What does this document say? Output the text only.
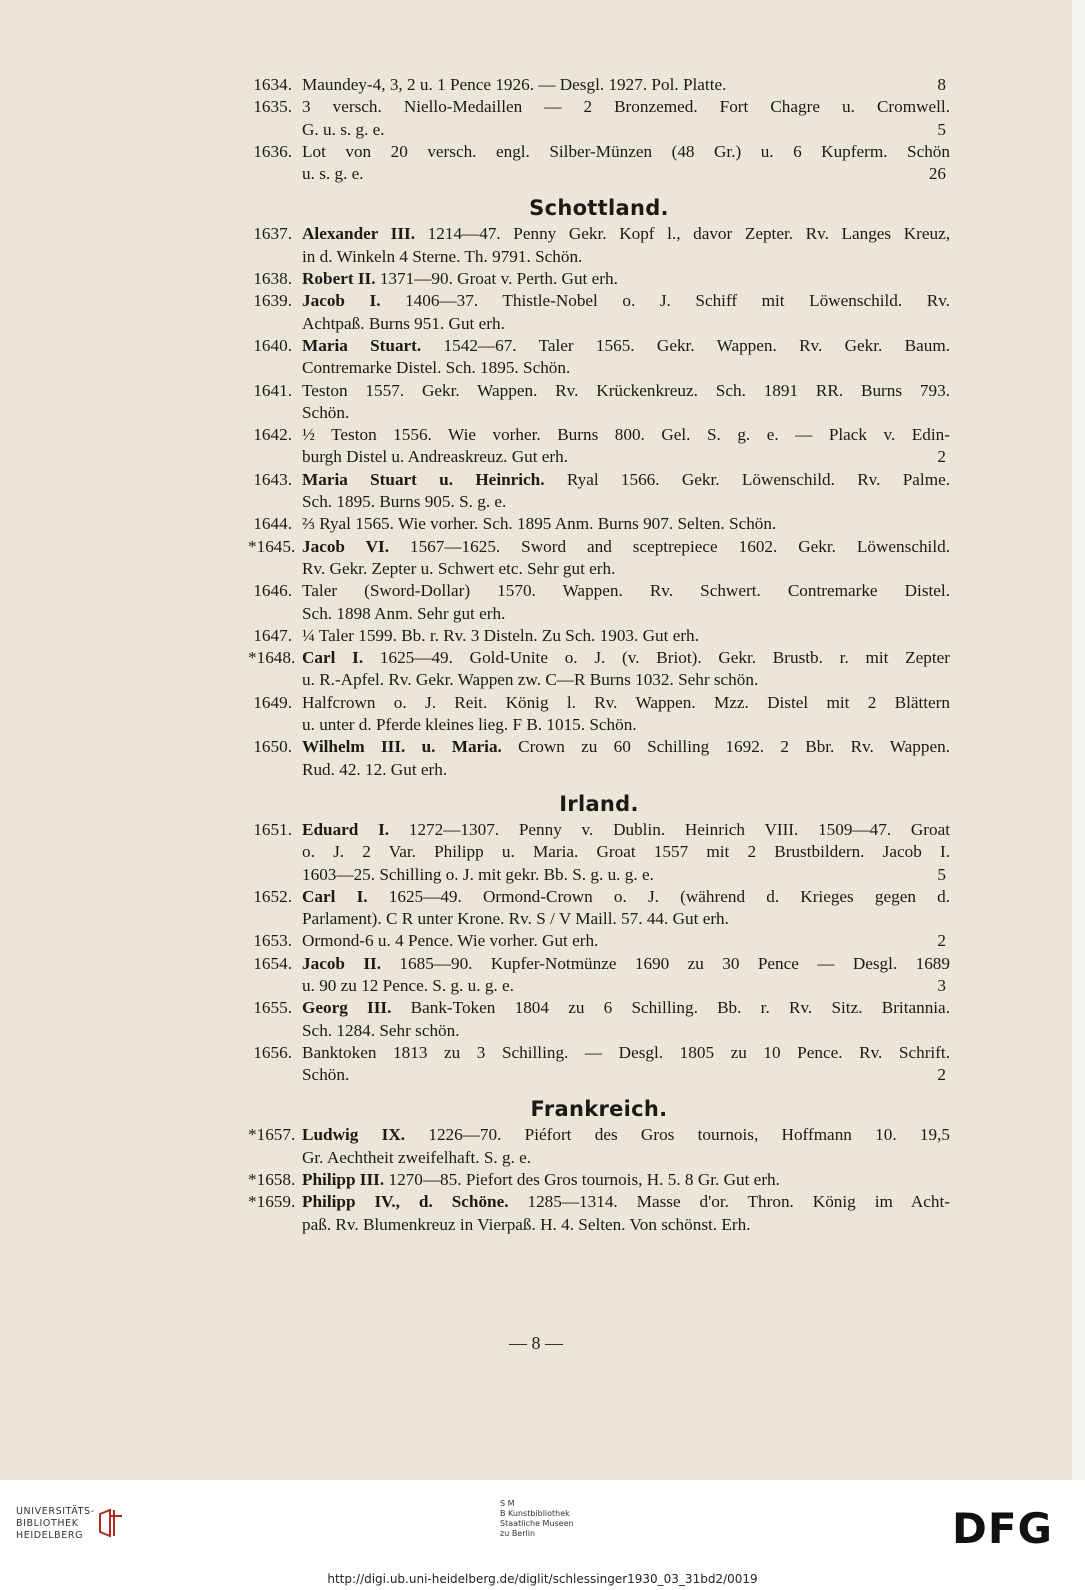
1634. Maundey-4, 3, 2 u. 1 Pence 1926. — Desgl. 1927. Pol. Platte.	8
1635. 3 versch. Niello-Medaillen — 2 Bronzemed. Fort Chagre u. Cromwell.
G. u. s. g. e.	5
1636. Lot von 20 versch. engl. Silber-Münzen (48 Gr.) u. 6 Kupferm. Schön
u. s. g. e.	26
Schottland.
1637. Alexander III. 1214—47. Penny Gekr. Kopf l., davor Zepter. Rv. Langes Kreuz,
in d. Winkeln 4 Sterne. Th. 9791. Schön.
1638. Robert II. 1371—90. Groat v. Perth. Gut erh.
1639. Jacob I. 1406—37. Thistle-Nobel o. J. Schiff mit Löwenschild. Rv.
Achtpaß. Burns 951. Gut erh.
1640. Maria Stuart. 1542—67. Taler 1565. Gekr. Wappen. Rv. Gekr. Baum.
Contremarke Distel. Sch. 1895. Schön.
1641. Teston 1557. Gekr. Wappen. Rv. Krückenkreuz. Sch. 1891 RR. Burns 793.
Schön.
1642. ½ Teston 1556. Wie vorher. Burns 800. Gel. S. g. e. — Plack v. Edin-
burgh Distel u. Andreaskreuz. Gut erh.	2
1643. Maria Stuart u. Heinrich. Ryal 1566. Gekr. Löwenschild. Rv. Palme.
Sch. 1895. Burns 905. S. g. e.
1644. ⅔ Ryal 1565. Wie vorher. Sch. 1895 Anm. Burns 907. Selten. Schön.
*1645. Jacob VI. 1567—1625. Sword and sceptrepiece 1602. Gekr. Löwenschild.
Rv. Gekr. Zepter u. Schwert etc. Sehr gut erh.
1646. Taler (Sword-Dollar) 1570. Wappen. Rv. Schwert. Contremarke Distel.
Sch. 1898 Anm. Sehr gut erh.
1647. ¼ Taler 1599. Bb. r. Rv. 3 Disteln. Zu Sch. 1903. Gut erh.
*1648. Carl I. 1625—49. Gold-Unite o. J. (v. Briot). Gekr. Brustb. r. mit Zepter
u. R.-Apfel. Rv. Gekr. Wappen zw. C—R Burns 1032. Sehr schön.
1649. Halfcrown o. J. Reit. König l. Rv. Wappen. Mzz. Distel mit 2 Blättern
u. unter d. Pferde kleines lieg. F B. 1015. Schön.
1650. Wilhelm III. u. Maria. Crown zu 60 Schilling 1692. 2 Bbr. Rv. Wappen.
Rud. 42. 12. Gut erh.
Irland.
1651. Eduard I. 1272—1307. Penny v. Dublin. Heinrich VIII. 1509—47. Groat
o. J. 2 Var. Philipp u. Maria. Groat 1557 mit 2 Brustbildern. Jacob I.
1603—25. Schilling o. J. mit gekr. Bb. S. g. u. g. e.	5
1652. Carl I. 1625—49. Ormond-Crown o. J. (während d. Krieges gegen d.
Parlament). C R unter Krone. Rv. S / V Maill. 57. 44. Gut erh.
1653. Ormond-6 u. 4 Pence. Wie vorher. Gut erh.	2
1654. Jacob II. 1685—90. Kupfer-Notmünze 1690 zu 30 Pence — Desgl. 1689
u. 90 zu 12 Pence. S. g. u. g. e.	3
1655. Georg III. Bank-Token 1804 zu 6 Schilling. Bb. r. Rv. Sitz. Britannia.
Sch. 1284. Sehr schön.
1656. Banktoken 1813 zu 3 Schilling. — Desgl. 1805 zu 10 Pence. Rv. Schrift.
Schön.	2
Frankreich.
*1657. Ludwig IX. 1226—70. Piéfort des Gros tournois, Hoffmann 10. 19,5
Gr. Aechtheit zweifelhaft. S. g. e.
*1658. Philipp III. 1270—85. Piefort des Gros tournois, H. 5. 8 Gr. Gut erh.
*1659. Philipp IV., d. Schöne. 1285—1314. Masse d'or. Thron. König im Acht-
paß. Rv. Blumenkreuz in Vierpaß. H. 4. Selten. Von schönst. Erh.
— 8 —
UNIVERSITÄTS-
BIBLIOTHEK
HEIDELBERG
S M
B Kunstbibliothek
Staatliche Museen
zu Berlin	DFG
http://digi.ub.uni-heidelberg.de/diglit/schlessinger1930_03_31bd2/0019
